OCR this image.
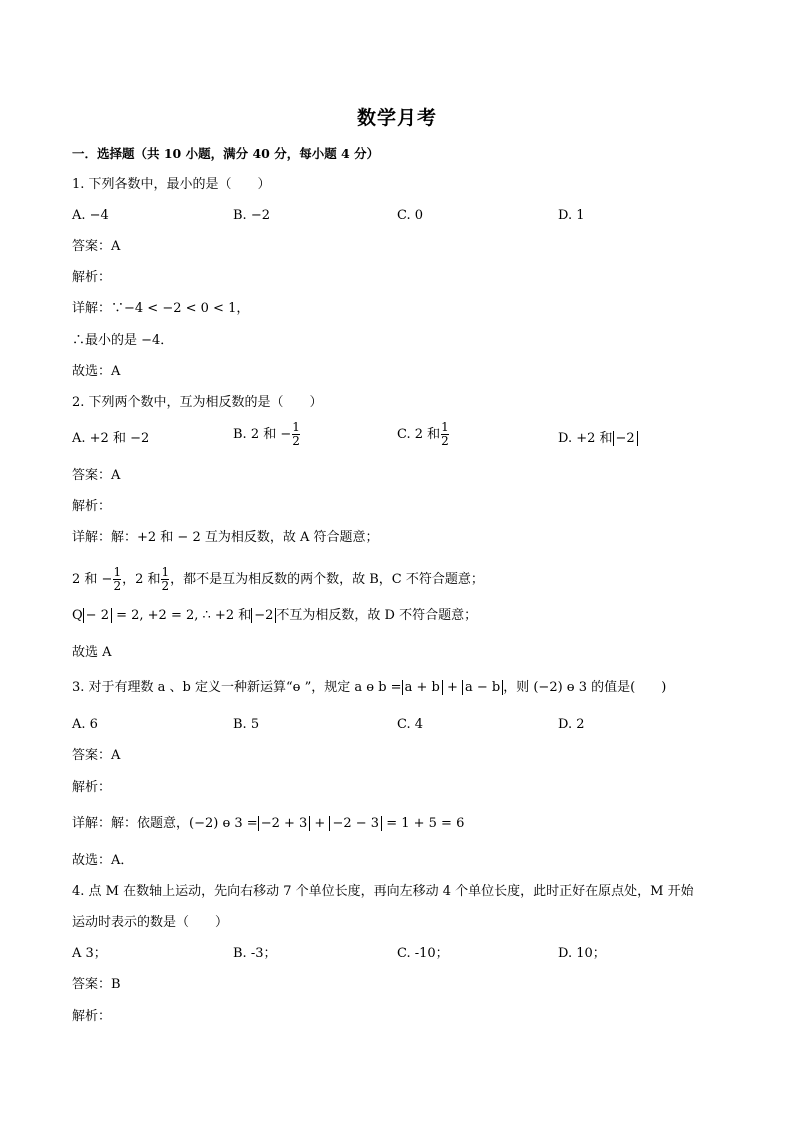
数学月考
一．选择题（共 10 小题，满分 40 分，每小题 4 分）
1. 下列各数中，最小的是（　　）
A. −4	B. −2	C. 0	D. 1
答案：A
解析：
详解：∵−4 < −2 < 0 < 1，
∴最小的是 −4．
故选：A
2. 下列两个数中，互为相反数的是（　　）
A. +2 和 −2	B. 2 和 − $\frac{1}{2}$	C. 2 和 $\frac{1}{2}$	D. +2 和 −2
答案：A
解析：
详解：解：+2 和 − 2 互为相反数，故 A 符合题意；
2 和 − $\frac{1}{2}$ ，2 和 $\frac{1}{2}$ ，都不是互为相反数的两个数，故 B，C 不符合题意；
Q − 2 = 2, +2 = 2, ∴ +2 和 −2 不互为相反数，故 D 不符合题意；
故选 A
3. 对于有理数 a 、b 定义一种新运算“ө ”，规定 a ө b = a + b + a − b ，则 (−2) ө 3 的值是(　　)
A. 6	B. 5	C. 4	D. 2
答案：A
解析：
详解：解：依题意，(−2) ө 3 = −2 + 3 + −2 − 3 = 1 + 5 = 6
故选：A．
4. 点 M 在数轴上运动，先向右移动 7 个单位长度，再向左移动 4 个单位长度，此时正好在原点处，M 开始
运动时表示的数是（　　）
A 3；	B. -3；	C. -10；	D. 10；
答案：B
解析：
